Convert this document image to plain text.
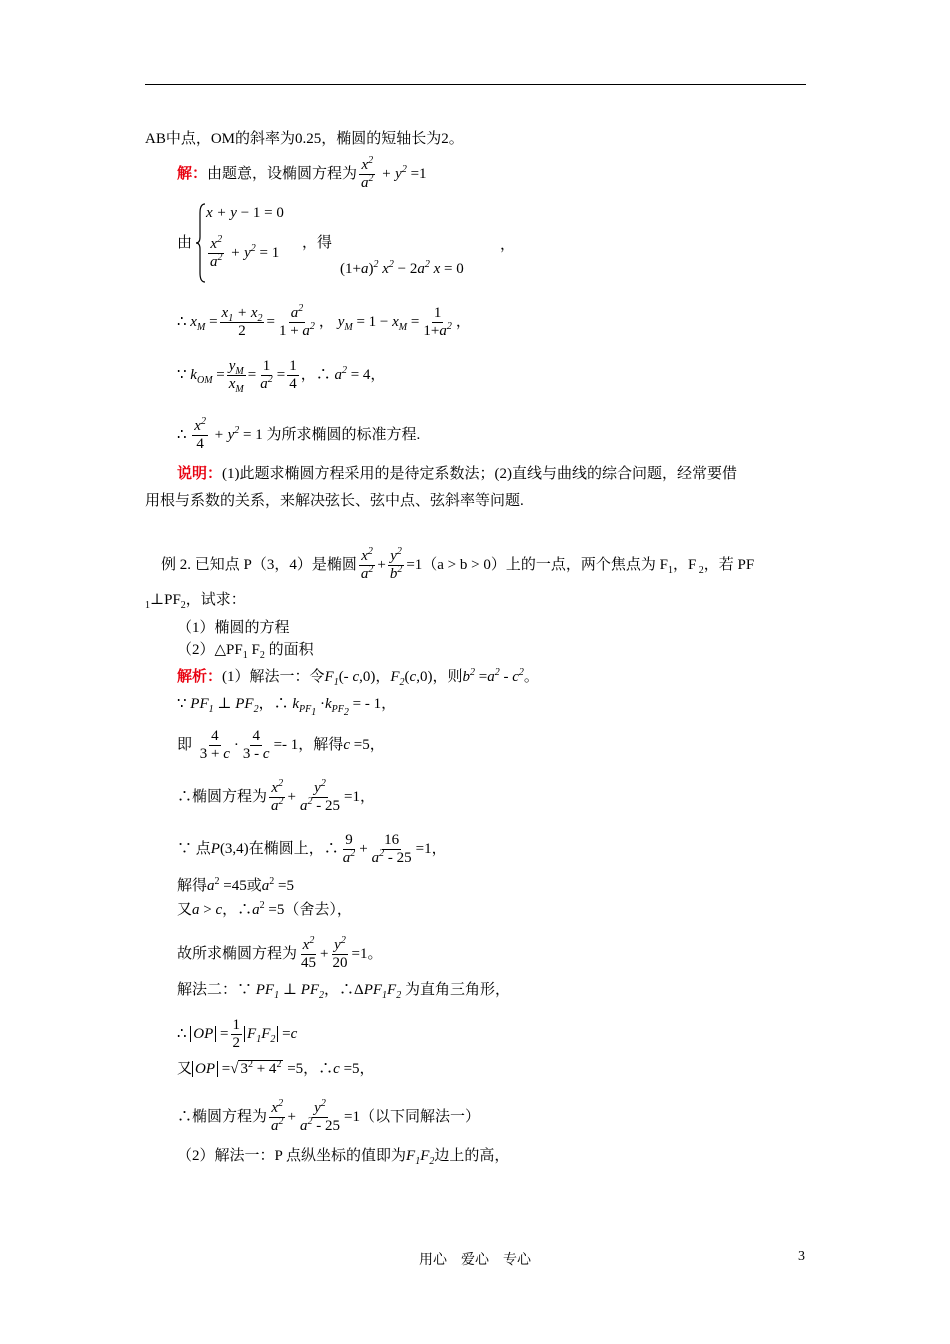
AB中点，OM的斜率为0.25，椭圆的短轴长为2。
解：由题意，设椭圆方程为 $\frac{x^2}{a^2} + y^2 =1$
由
x + y − 1 = 0
$\frac{x^2}{a^2} + y^2 = 1$
，得
$(1+a)^2$ $x^2 - 2a^2$ x = 0
，
∴ $x_M = \frac{x_1 + x_2}{2} = \frac{a^2}{1 + a^2}$ ， $y_M = 1 - x_M = \frac{1}{1+a^2}$ ，
∵ $k_{OM} = \frac{y_M}{x_M} = \frac{1}{a^2} = \frac{1}{4}$ ，∴ $a^2 = 4$，
∴ $\frac{x^2}{4} + y^2 = 1$ 为所求椭圆的标准方程.
说明：(1)此题求椭圆方程采用的是待定系数法；(2)直线与曲线的综合问题，经常要借
用根与系数的关系，来解决弦长、弦中点、弦斜率等问题.
例 2. 已知点 P（3，4）是椭圆 $\frac{x^2}{a^2} + \frac{y^2}{b^2} =1(a > b > 0)$上的一点，两个焦点为 $F_1$，F $_2$，若 PF
$_1\perp PF_2$，试求：
（1）椭圆的方程
$(2)\triangle PF_1$ $F_2$ 的面积
解析：(1）解法一：令$F_1(-$ c,0)，$F_2(c,0)$，则$b^2 =a^2 - c^2$。
∵ $PF_1$ ⊥ $PF_2$，∴ $k_{PF_1} \cdot k_{PF_2}$ = - 1，
即 $\frac{4}{3 + c} \cdot \frac{4}{3 - c} =- 1$，解得c =5，
∴椭圆方程为 $\frac{x^2}{a^2} + \frac{y^2}{a^2 - 25} =1$，
∵ 点P(3,4)在椭圆上，∴ $\frac{9}{a^2} + \frac{16}{a^2 - 25} =1$，
解得$a^2 =45$或$a^2 =5$
又a > c，$\therefore a^2 =5$（舍去），
故所求椭圆方程为 $\frac{x^2}{45} + \frac{y^2}{20} =1$。
解法二：∵ $PF_1$ ⊥ $PF_2$，$\therefore\Delta PF_1F_2$ 为直角三角形，
∴ OP = $\frac{1}{2} F_1F_2 =c$
又 OP =√ $3^2 + 4^2 =5$，∴c =5，
∴椭圆方程为 $\frac{x^2}{a^2} + \frac{y^2}{a^2 - 25} =1$（以下同解法一）
（2）解法一：P 点纵坐标的值即为$F_1F_2$边上的高，
用心　爱心　专心	3
